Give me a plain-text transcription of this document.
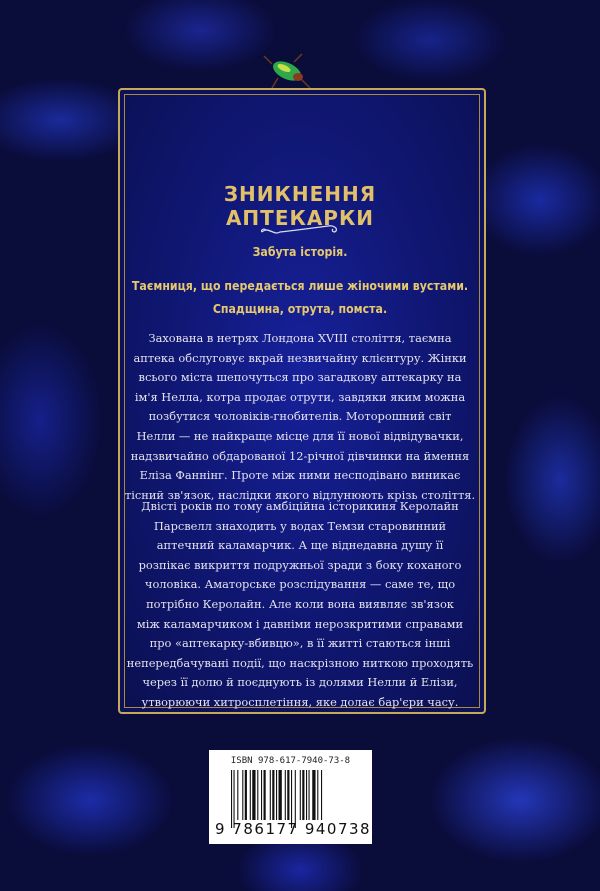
ЗНИКНЕННЯ
АПТЕКАРКИ
Забута історія.
Таємниця, що передається лише жіночими вустами.
Спадщина, отрута, помста.
Захована в нетрях Лондона XVIII століття, таємна
аптека обслуговує вкрай незвичайну клієнтуру. Жінки
всього міста шепочуться про загадкову аптекарку на
ім'я Нелла, котра продає отрути, завдяки яким можна
позбутися чоловіків-гнобителів. Моторошний світ
Нелли — не найкраще місце для її нової відвідувачки,
надзвичайно обдарованої 12-річної дівчинки на ймення
Еліза Фаннінг. Проте між ними несподівано виникає
тісний зв'язок, наслідки якого відлунюють крізь століття.
Двісті років по тому амбіційна історикиня Керолайн
Парсвелл знаходить у водах Темзи старовинний
аптечний каламарчик. А ще віднедавна душу її
розпікає викриття подружньої зради з боку коханого
чоловіка. Аматорське розслідування — саме те, що
потрібно Керолайн. Але коли вона виявляє зв'язок
між каламарчиком і давніми нерозкритими справами
про «аптекарку-вбивцю», в її житті стаються інші
непередбачувані події, що наскрізною ниткою проходять
через її долю й поєднують із долями Нелли й Елізи,
утворюючи хитросплетіння, яке долає бар'єри часу.
ISBN 978-617-7940-73-8
9 786177 940738
